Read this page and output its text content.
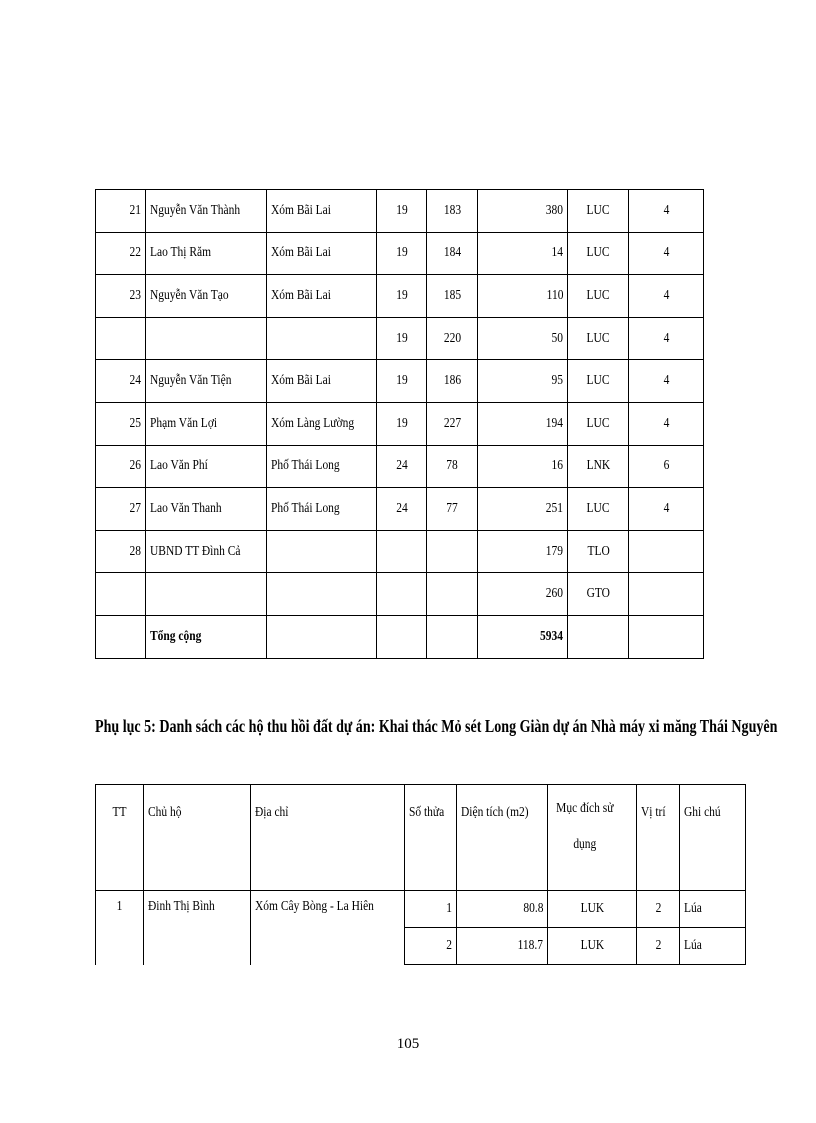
21	Nguyễn Văn Thành	Xóm Bãi Lai	19	183	380	LUC	4
22	Lao Thị Răm	Xóm Bãi Lai	19	184	14	LUC	4
23	Nguyễn Văn Tạo	Xóm Bãi Lai	19	185	110	LUC	4
			19	220	50	LUC	4
24	Nguyễn Văn Tiện	Xóm Bãi Lai	19	186	95	LUC	4
25	Phạm Văn Lợi	Xóm Làng Lường	19	227	194	LUC	4
26	Lao Văn Phí	Phố Thái Long	24	78	16	LNK	6
27	Lao Văn Thanh	Phố Thái Long	24	77	251	LUC	4
28	UBND TT Đình Cả				179	TLO	
					260	GTO	
	Tổng cộng				5934		

Phụ lục 5: Danh sách các hộ thu hồi đất dự án: Khai thác Mỏ sét Long Giàn dự án Nhà máy xi măng Thái Nguyên

TT	Chủ hộ	Địa chỉ	Số thửa	Diện tích (m2)	Mục đích sử dụng	Vị trí	Ghi chú
1	Đinh Thị Bình	Xóm Cây Bòng - La Hiên	1	80.8	LUK	2	Lúa
			2	118.7	LUK	2	Lúa
105
